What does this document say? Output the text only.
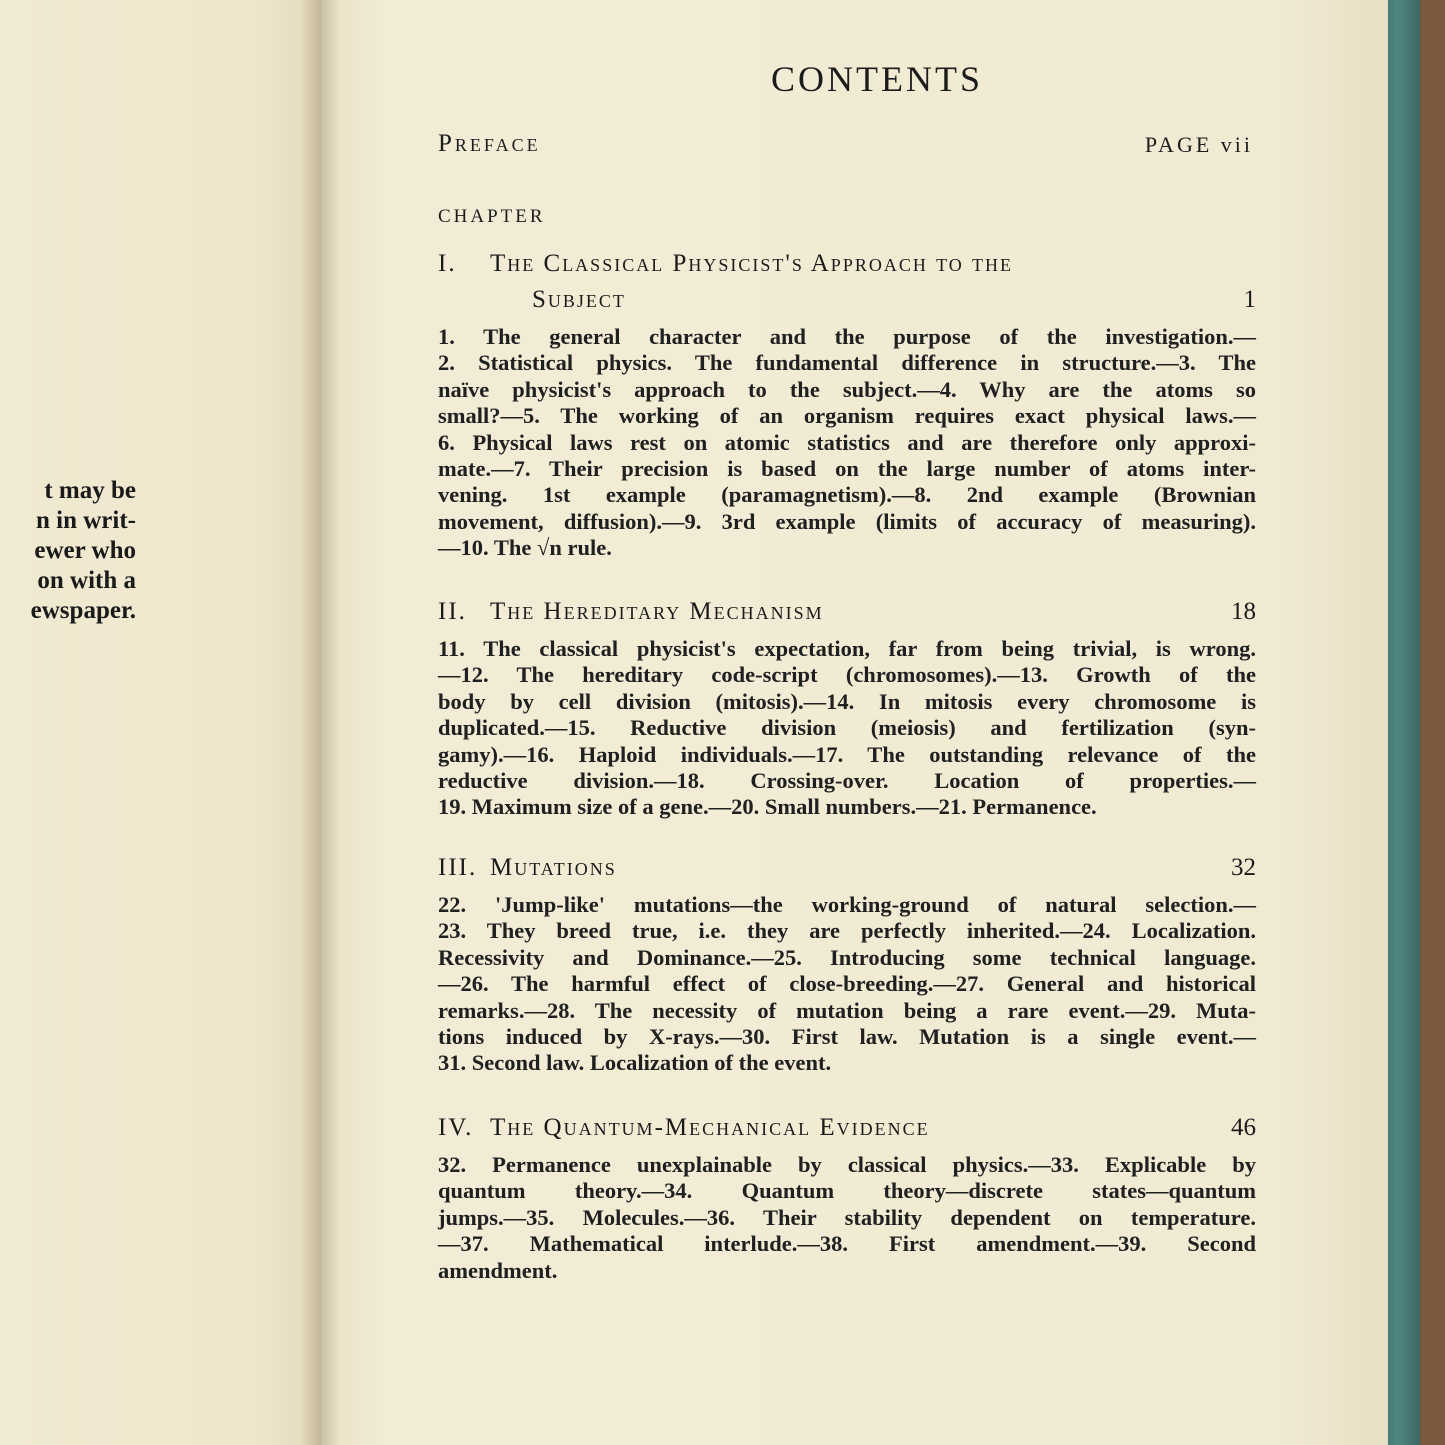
t may be
n in writ-
ewer who
on with a
ewspaper.
CONTENTS
Preface	PAGE vii
CHAPTER
I. The Classical Physicist's Approach to the
Subject	1
1. The general character and the purpose of the investigation.—
2. Statistical physics. The fundamental difference in structure.—3. The
naïve physicist's approach to the subject.—4. Why are the atoms so
small?—5. The working of an organism requires exact physical laws.—
6. Physical laws rest on atomic statistics and are therefore only approxi-
mate.—7. Their precision is based on the large number of atoms inter-
vening. 1st example (paramagnetism).—8. 2nd example (Brownian
movement, diffusion).—9. 3rd example (limits of accuracy of measuring).
—10. The √n rule.
II. The Hereditary Mechanism	18
11. The classical physicist's expectation, far from being trivial, is wrong.
—12. The hereditary code-script (chromosomes).—13. Growth of the
body by cell division (mitosis).—14. In mitosis every chromosome is
duplicated.—15. Reductive division (meiosis) and fertilization (syn-
gamy).—16. Haploid individuals.—17. The outstanding relevance of the
reductive division.—18. Crossing-over. Location of properties.—
19. Maximum size of a gene.—20. Small numbers.—21. Permanence.
III. Mutations	32
22. 'Jump-like' mutations—the working-ground of natural selection.—
23. They breed true, i.e. they are perfectly inherited.—24. Localization.
Recessivity and Dominance.—25. Introducing some technical language.
—26. The harmful effect of close-breeding.—27. General and historical
remarks.—28. The necessity of mutation being a rare event.—29. Muta-
tions induced by X-rays.—30. First law. Mutation is a single event.—
31. Second law. Localization of the event.
IV. The Quantum-Mechanical Evidence	46
32. Permanence unexplainable by classical physics.—33. Explicable by
quantum theory.—34. Quantum theory—discrete states—quantum
jumps.—35. Molecules.—36. Their stability dependent on temperature.
—37. Mathematical interlude.—38. First amendment.—39. Second
amendment.
